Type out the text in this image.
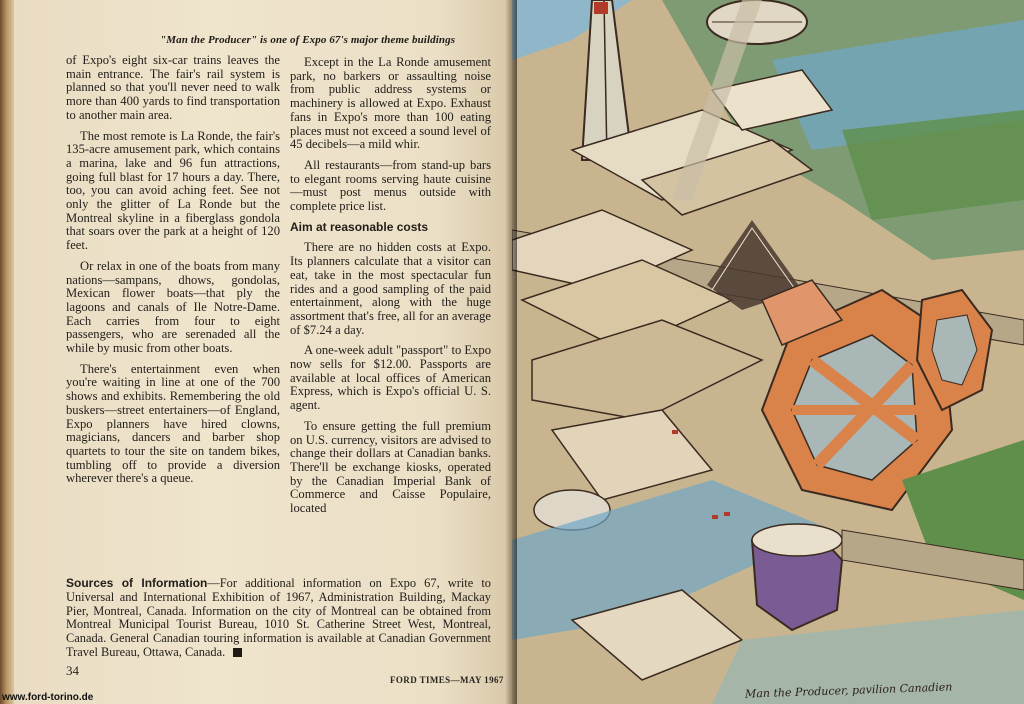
"Man the Producer" is one of Expo 67's major theme buildings

of Expo's eight six-car trains leaves the main entrance. The fair's rail system is planned so that you'll never need to walk more than 400 yards to find transportation to another main area.

The most remote is La Ronde, the fair's 135-acre amusement park, which contains a marina, lake and 96 fun attractions, going full blast for 17 hours a day. There, too, you can avoid aching feet. See not only the glitter of La Ronde but the Montreal skyline in a fiberglass gondola that soars over the park at a height of 120 feet.

Or relax in one of the boats from many nations—sampans, dhows, gondolas, Mexican flower boats—that ply the lagoons and canals of Ile Notre-Dame. Each carries from four to eight passengers, who are serenaded all the while by music from other boats.

There's entertainment even when you're waiting in line at one of the 700 shows and exhibits. Remembering the old buskers—street entertainers—of England, Expo planners have hired clowns, magicians, dancers and barber shop quartets to tour the site on tandem bikes, tumbling off to provide a diversion wherever there's a queue.

Except in the La Ronde amusement park, no barkers or assaulting noise from public address systems or machinery is allowed at Expo. Exhaust fans in Expo's more than 100 eating places must not exceed a sound level of 45 decibels—a mild whir.

All restaurants—from stand-up bars to elegant rooms serving haute cuisine—must post menus outside with complete price list.

Aim at reasonable costs

There are no hidden costs at Expo. Its planners calculate that a visitor can eat, take in the most spectacular fun rides and a good sampling of the paid entertainment, along with the huge assortment that's free, all for an average of $7.24 a day.

A one-week adult "passport" to Expo now sells for $12.00. Passports are available at local offices of American Express, which is Expo's official U. S. agent.

To ensure getting the full premium on U.S. currency, visitors are advised to change their dollars at Canadian banks. There'll be exchange kiosks, operated by the Canadian Imperial Bank of Commerce and Caisse Populaire, located

Sources of Information—For additional information on Expo 67, write to Universal and International Exhibition of 1967, Administration Building, Mackay Pier, Montreal, Canada. Information on the city of Montreal can be obtained from Montreal Municipal Tourist Bureau, 1010 St. Catherine Street West, Montreal, Canada. General Canadian touring information is available at Canadian Government Travel Bureau, Ottawa, Canada.
34
FORD TIMES—MAY 1967
Man the Producer, pavilion Canadien
www.ford-torino.de
